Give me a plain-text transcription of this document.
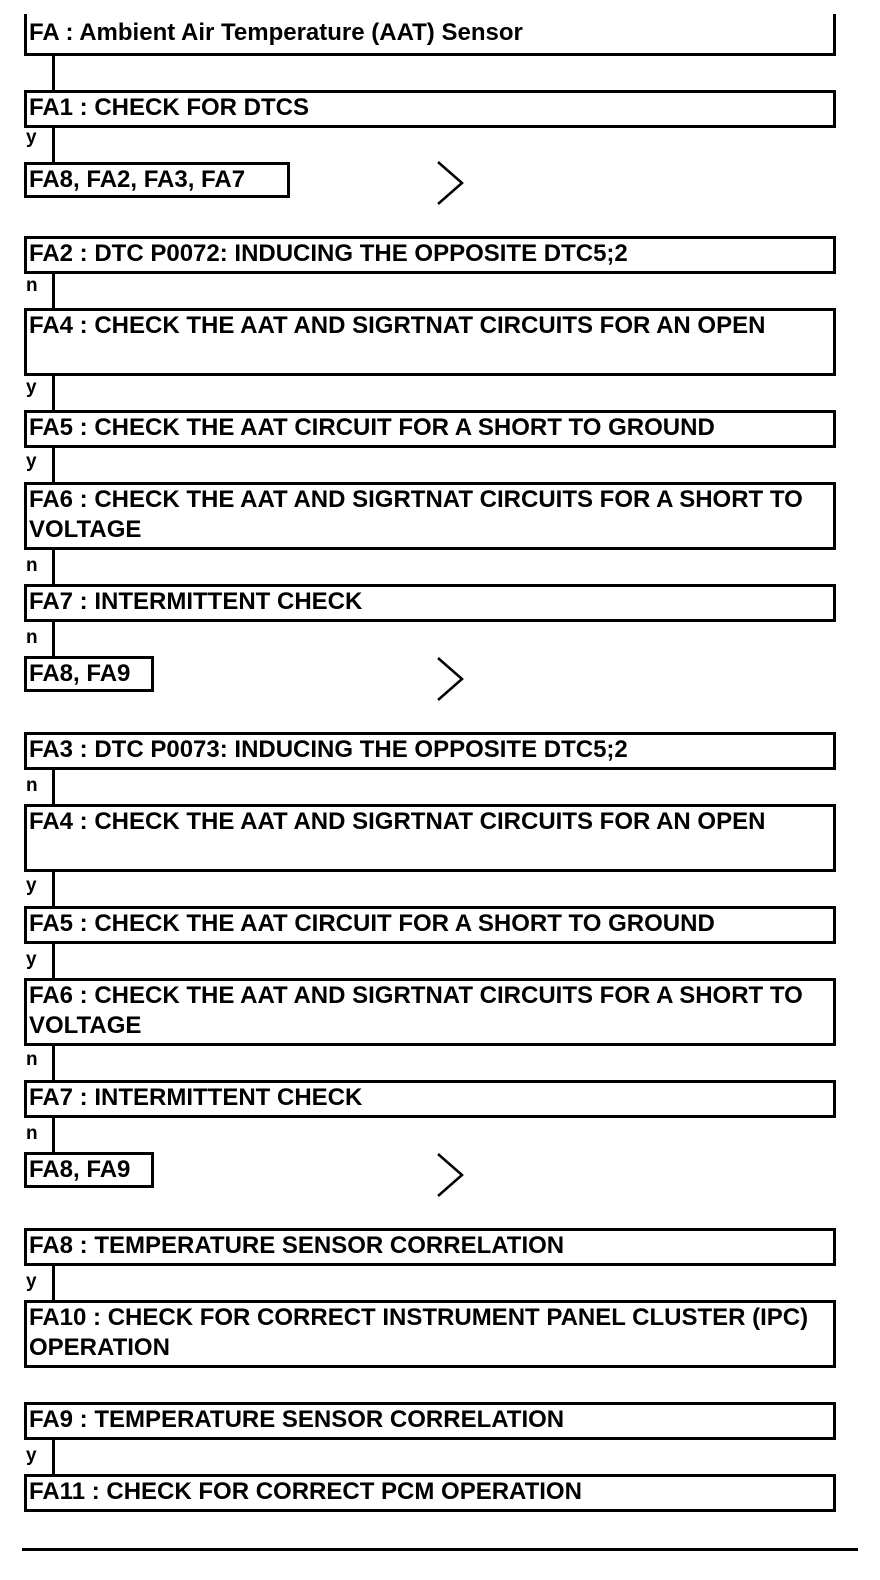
FA : Ambient Air Temperature (AAT) Sensor
FA1 : CHECK FOR DTCS
y
FA8, FA2, FA3, FA7
FA2 : DTC P0072: INDUCING THE OPPOSITE DTC5;2
n
FA4 : CHECK THE AAT AND SIGRTNAT CIRCUITS FOR AN OPEN
y
FA5 : CHECK THE AAT CIRCUIT FOR A SHORT TO GROUND
y
FA6 : CHECK THE AAT AND SIGRTNAT CIRCUITS FOR A SHORT TO VOLTAGE
n
FA7 : INTERMITTENT CHECK
n
FA8, FA9
FA3 : DTC P0073: INDUCING THE OPPOSITE DTC5;2
n
FA4 : CHECK THE AAT AND SIGRTNAT CIRCUITS FOR AN OPEN
y
FA5 : CHECK THE AAT CIRCUIT FOR A SHORT TO GROUND
y
FA6 : CHECK THE AAT AND SIGRTNAT CIRCUITS FOR A SHORT TO VOLTAGE
n
FA7 : INTERMITTENT CHECK
n
FA8, FA9
FA8 : TEMPERATURE SENSOR CORRELATION
y
FA10 : CHECK FOR CORRECT INSTRUMENT PANEL CLUSTER (IPC) OPERATION
FA9 : TEMPERATURE SENSOR CORRELATION
y
FA11 : CHECK FOR CORRECT PCM OPERATION
